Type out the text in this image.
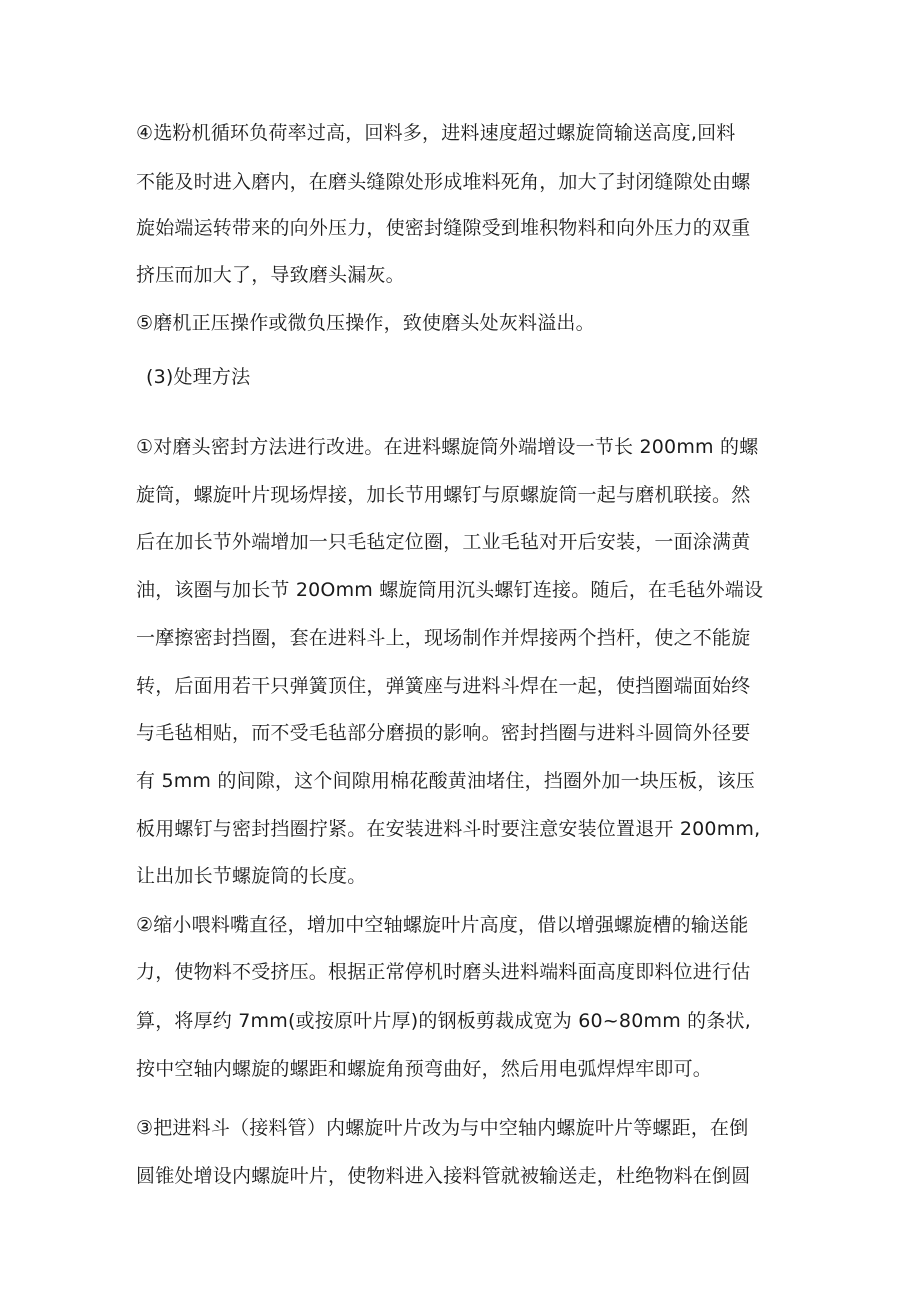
④选粉机循环负荷率过高，回料多，进料速度超过螺旋筒输送高度,回料
不能及时进入磨内，在磨头缝隙处形成堆料死角，加大了封闭缝隙处由螺
旋始端运转带来的向外压力，使密封缝隙受到堆积物料和向外压力的双重
挤压而加大了，导致磨头漏灰。
⑤磨机正压操作或微负压操作，致使磨头处灰料溢出。
(3)处理方法
①对磨头密封方法进行改进。在进料螺旋筒外端增设一节长 200mm 的螺
旋筒，螺旋叶片现场焊接，加长节用螺钉与原螺旋筒一起与磨机联接。然
后在加长节外端增加一只毛毡定位圈，工业毛毡对开后安装，一面涂满黄
油，该圈与加长节 20Omm 螺旋筒用沉头螺钉连接。随后，在毛毡外端设
一摩擦密封挡圈，套在进料斗上，现场制作并焊接两个挡杆，使之不能旋
转，后面用若干只弹簧顶住，弹簧座与进料斗焊在一起，使挡圈端面始终
与毛毡相贴，而不受毛毡部分磨损的影响。密封挡圈与进料斗圆筒外径要
有 5mm 的间隙，这个间隙用棉花酸黄油堵住，挡圈外加一块压板，该压
板用螺钉与密封挡圈拧紧。在安装进料斗时要注意安装位置退开 200mm,
让出加长节螺旋筒的长度。
②缩小喂料嘴直径，增加中空轴螺旋叶片高度，借以增强螺旋槽的输送能
力，使物料不受挤压。根据正常停机时磨头进料端料面高度即料位进行估
算，将厚约 7mm(或按原叶片厚)的钢板剪裁成宽为 60~80mm 的条状,
按中空轴内螺旋的螺距和螺旋角预弯曲好，然后用电弧焊焊牢即可。
③把进料斗（接料管）内螺旋叶片改为与中空轴内螺旋叶片等螺距，在倒
圆锥处增设内螺旋叶片，使物料进入接料管就被输送走，杜绝物料在倒圆
